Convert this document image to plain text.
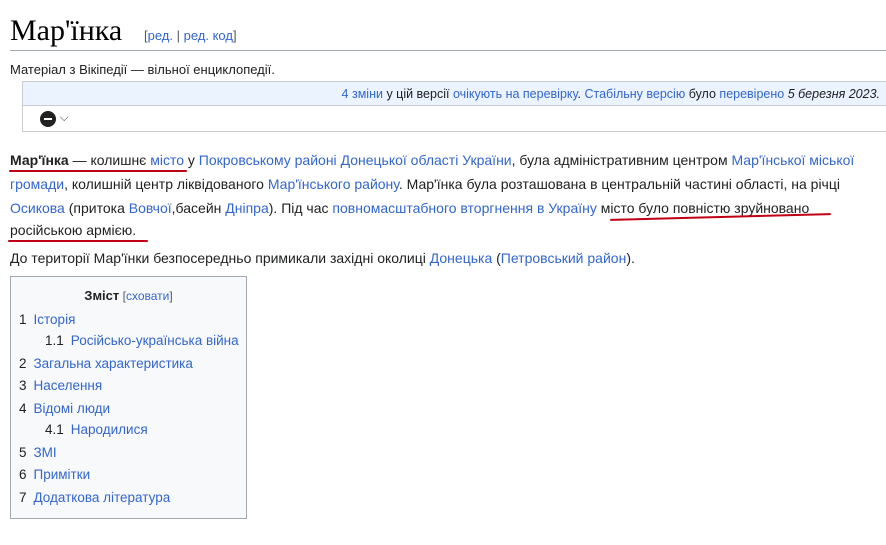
Мар'їнка [ред. | ред. код]
Матеріал з Вікіпедії — вільної енциклопедії.
4 зміни у цій версії очікують на перевірку. Стабільну версію було перевірено 5 березня 2023.
⌵
Мар'їнка — колишнє місто у Покровському районі Донецької області України, була адміністративним центром Мар'їнської міської
громади, колишній центр ліквідованого Мар'їнського району. Мар'їнка була розташована в центральній частині області, на річці
Осикова (притока Вовчої,басейн Дніпра). Під час повномасштабного вторгнення в Україну місто було повністю зруйновано
російською армією.
До території Мар'їнки безпосередньо примикали західні околиці Донецька (Петровський район).
Зміст [сховати]
1 Історія
1.1 Російсько-українська війна
2 Загальна характеристика
3 Населення
4 Відомі люди
4.1 Народилися
5 ЗМІ
6 Примітки
7 Додаткова література
